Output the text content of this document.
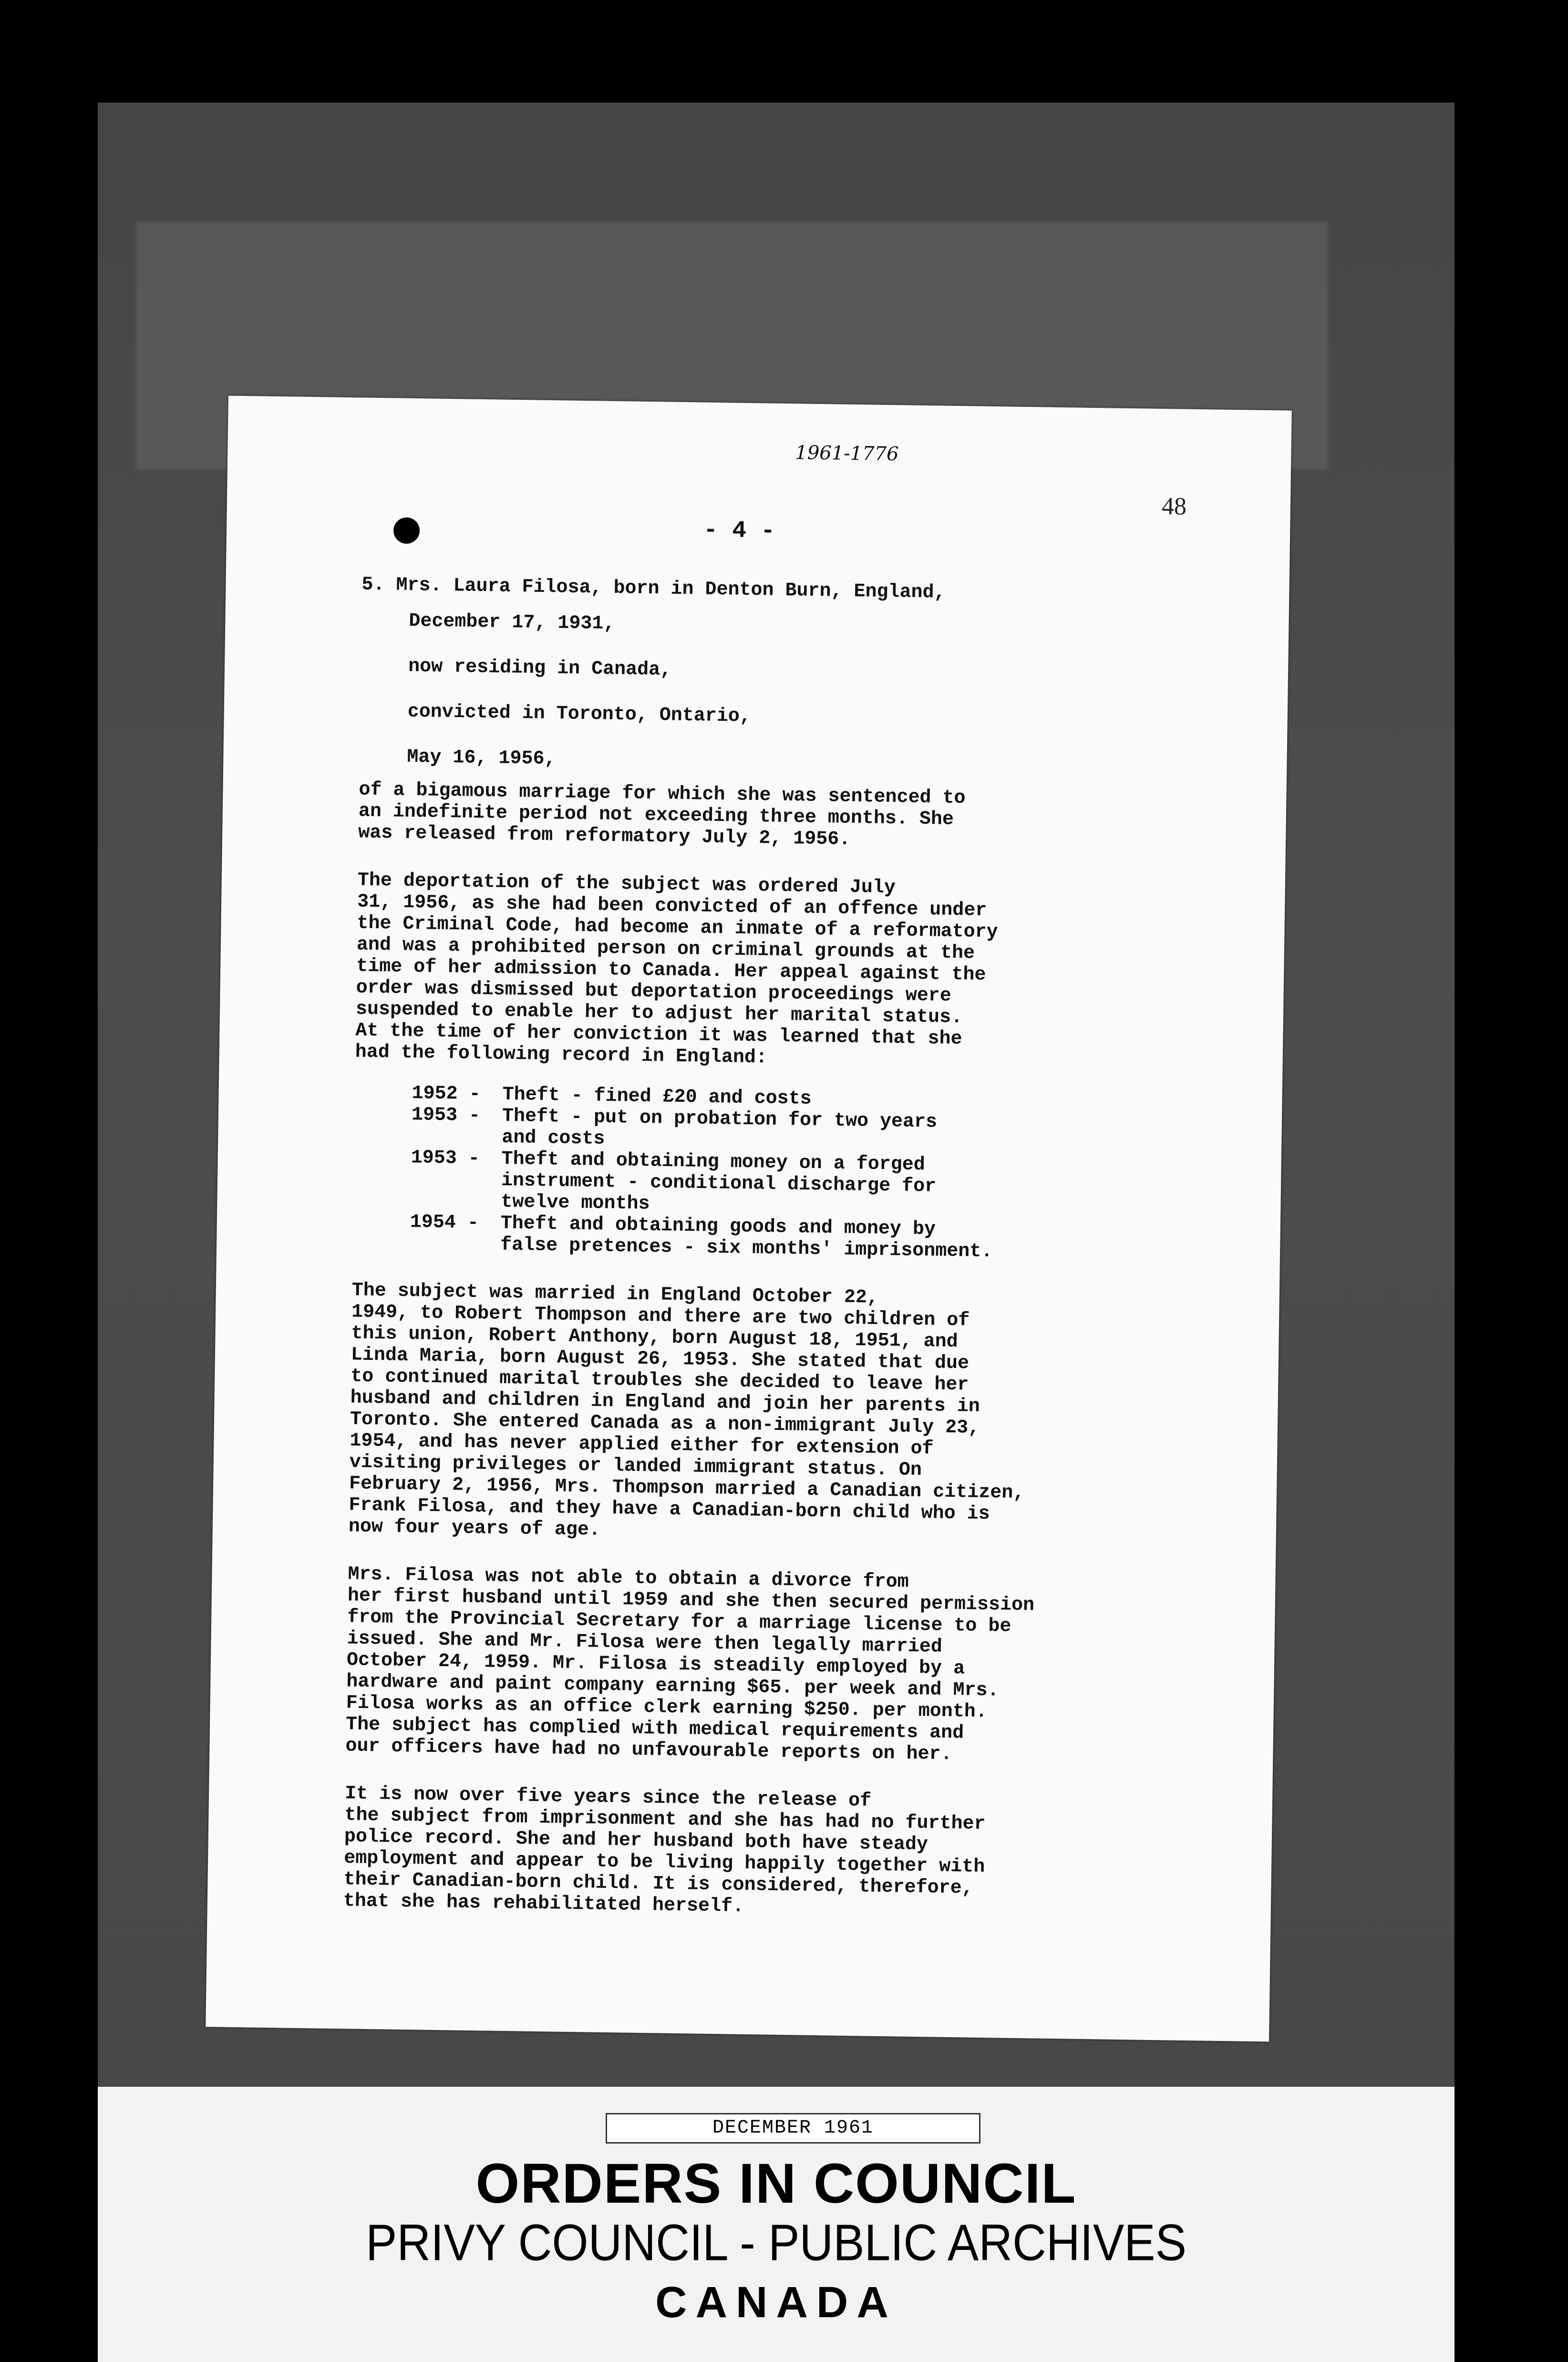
1961-1776
48
- 4 -

5. Mrs. Laura Filosa, born in Denton Burn, England,

December 17, 1931,

now residing in Canada,

convicted in Toronto, Ontario,

May 16, 1956,

of a bigamous marriage for which she was sentenced to
an indefinite period not exceeding three months. She
was released from reformatory July 2, 1956.

The deportation of the subject was ordered July
31, 1956, as she had been convicted of an offence under
the Criminal Code, had become an inmate of a reformatory
and was a prohibited person on criminal grounds at the
time of her admission to Canada. Her appeal against the
order was dismissed but deportation proceedings were
suspended to enable her to adjust her marital status.
At the time of her conviction it was learned that she
had the following record in England:

1952 -	Theft - fined £20 and costs
1953 -	Theft - put on probation for two years
and costs
1953 -	Theft and obtaining money on a forged
instrument - conditional discharge for
twelve months
1954 -	Theft and obtaining goods and money by
false pretences - six months' imprisonment.

The subject was married in England October 22,
1949, to Robert Thompson and there are two children of
this union, Robert Anthony, born August 18, 1951, and
Linda Maria, born August 26, 1953. She stated that due
to continued marital troubles she decided to leave her
husband and children in England and join her parents in
Toronto. She entered Canada as a non-immigrant July 23,
1954, and has never applied either for extension of
visiting privileges or landed immigrant status. On
February 2, 1956, Mrs. Thompson married a Canadian citizen,
Frank Filosa, and they have a Canadian-born child who is
now four years of age.

Mrs. Filosa was not able to obtain a divorce from
her first husband until 1959 and she then secured permission
from the Provincial Secretary for a marriage license to be
issued. She and Mr. Filosa were then legally married
October 24, 1959. Mr. Filosa is steadily employed by a
hardware and paint company earning $65. per week and Mrs.
Filosa works as an office clerk earning $250. per month.
The subject has complied with medical requirements and
our officers have had no unfavourable reports on her.

It is now over five years since the release of
the subject from imprisonment and she has had no further
police record. She and her husband both have steady
employment and appear to be living happily together with
their Canadian-born child. It is considered, therefore,
that she has rehabilitated herself.

DECEMBER 1961
ORDERS IN COUNCIL
PRIVY COUNCIL - PUBLIC ARCHIVES
CANADA
